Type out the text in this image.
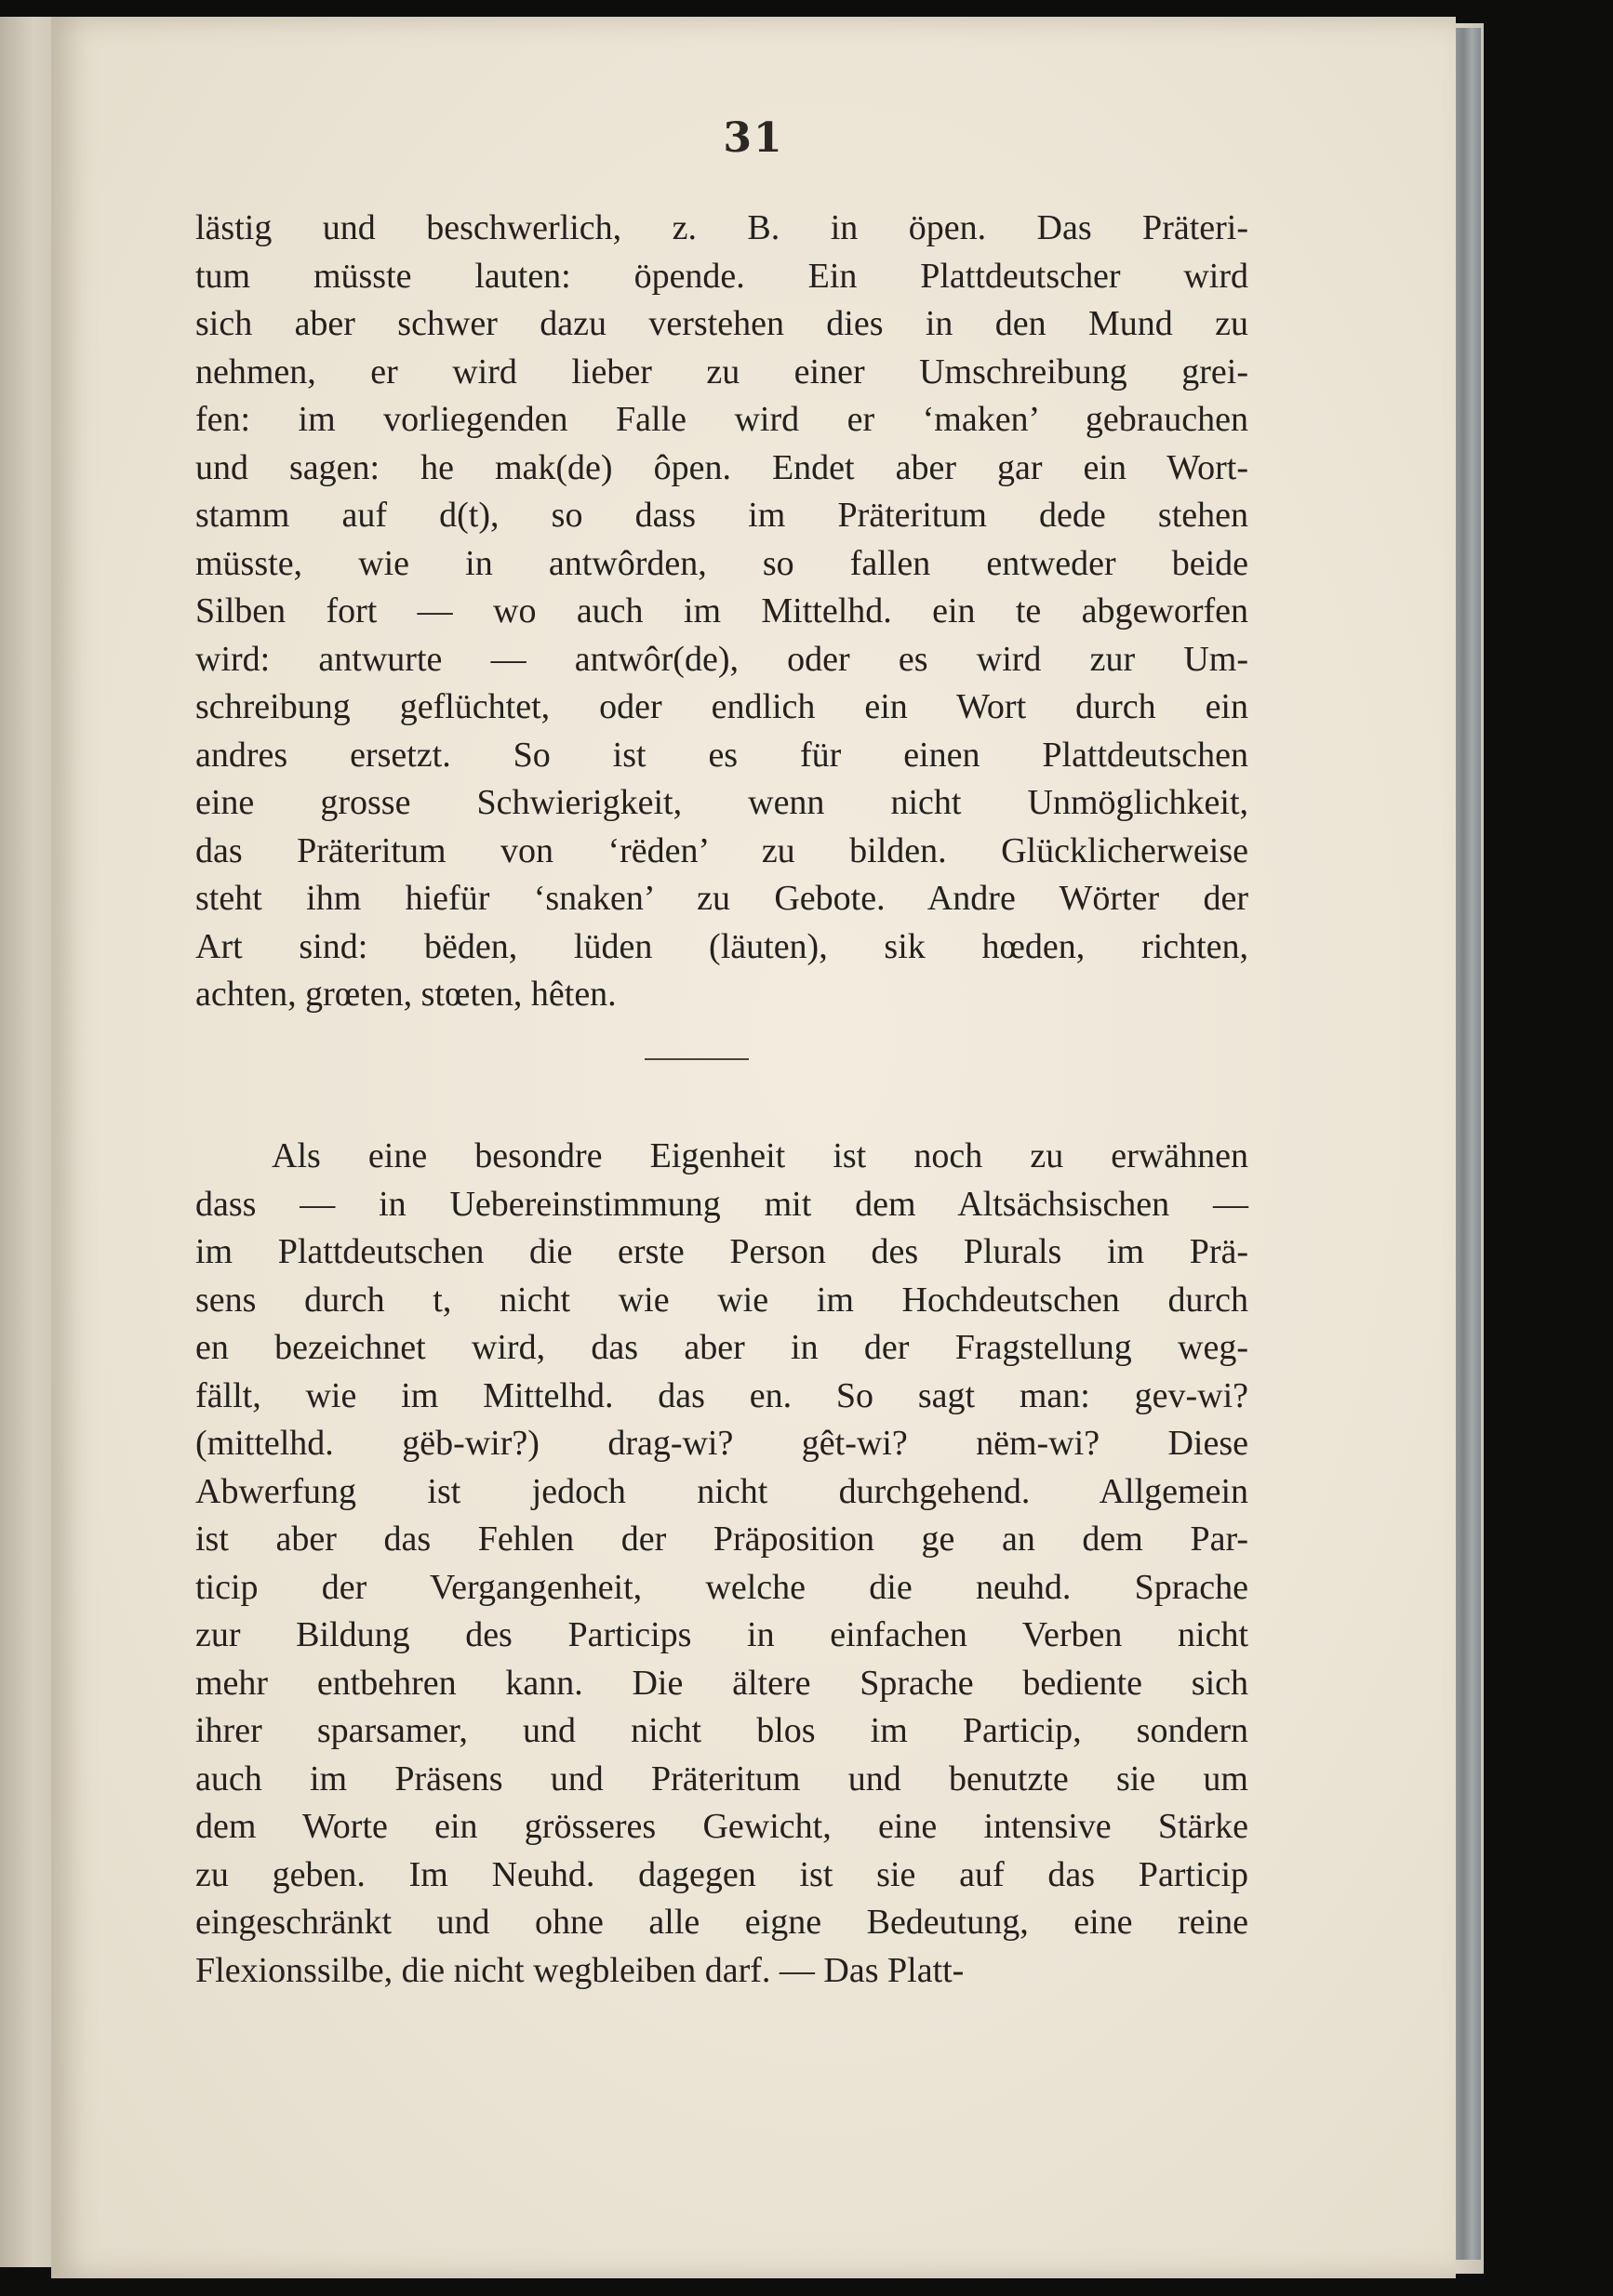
31
lästig und beschwerlich, z. B. in öpen. Das Präteri-
tum müsste lauten: öpende. Ein Plattdeutscher wird
sich aber schwer dazu verstehen dies in den Mund zu
nehmen, er wird lieber zu einer Umschreibung grei-
fen: im vorliegenden Falle wird er ‘maken’ gebrauchen
und sagen: he mak(de) ôpen. Endet aber gar ein Wort-
stamm auf d(t), so dass im Präteritum dede stehen
müsste, wie in antwôrden, so fallen entweder beide
Silben fort — wo auch im Mittelhd. ein te abgeworfen
wird: antwurte — antwôr(de), oder es wird zur Um-
schreibung geflüchtet, oder endlich ein Wort durch ein
andres ersetzt. So ist es für einen Plattdeutschen
eine grosse Schwierigkeit, wenn nicht Unmöglichkeit,
das Präteritum von ‘rëden’ zu bilden. Glücklicherweise
steht ihm hiefür ‘snaken’ zu Gebote. Andre Wörter der
Art sind: bëden, lüden (läuten), sik hœden, richten,
achten, grœten, stœten, hêten.
Als eine besondre Eigenheit ist noch zu erwähnen
dass — in Uebereinstimmung mit dem Altsächsischen —
im Plattdeutschen die erste Person des Plurals im Prä-
sens durch t, nicht wie wie im Hochdeutschen durch
en bezeichnet wird, das aber in der Fragstellung weg-
fällt, wie im Mittelhd. das en. So sagt man: gev-wi?
(mittelhd. gëb-wir?) drag-wi? gêt-wi? nëm-wi? Diese
Abwerfung ist jedoch nicht durchgehend. Allgemein
ist aber das Fehlen der Präposition ge an dem Par-
ticip der Vergangenheit, welche die neuhd. Sprache
zur Bildung des Particips in einfachen Verben nicht
mehr entbehren kann. Die ältere Sprache bediente sich
ihrer sparsamer, und nicht blos im Particip, sondern
auch im Präsens und Präteritum und benutzte sie um
dem Worte ein grösseres Gewicht, eine intensive Stärke
zu geben. Im Neuhd. dagegen ist sie auf das Particip
eingeschränkt und ohne alle eigne Bedeutung, eine reine
Flexionssilbe, die nicht wegbleiben darf. — Das Platt-
